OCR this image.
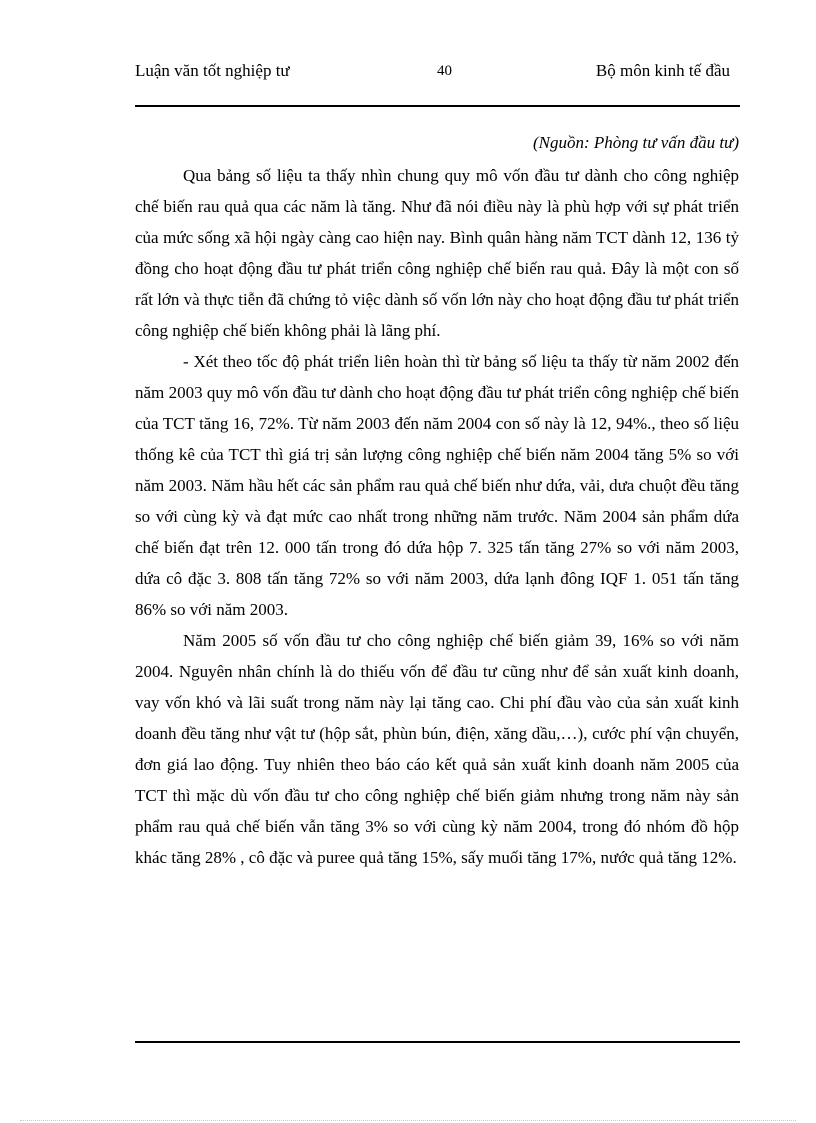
Luận văn tốt nghiệp tư	40	Bộ môn kinh tế đầu

(Nguồn: Phòng tư vấn đầu tư)

Qua bảng số liệu ta thấy nhìn chung quy mô vốn đầu tư dành cho công nghiệp chế biến rau quả qua các năm là tăng. Như đã nói điều này là phù hợp với sự phát triển của mức sống xã hội ngày càng cao hiện nay. Bình quân hàng năm TCT dành 12, 136 tỷ đồng cho hoạt động đầu tư phát triển công nghiệp chế biến rau quả. Đây là một con số rất lớn và thực tiễn đã chứng tỏ việc dành số vốn lớn này cho hoạt động đầu tư phát triển công nghiệp chế biến không phải là lãng phí.

- Xét theo tốc độ phát triển liên hoàn thì từ bảng số liệu ta thấy từ năm 2002 đến năm 2003 quy mô vốn đầu tư dành cho hoạt động đầu tư phát triển công nghiệp chế biến của TCT tăng 16, 72%. Từ năm 2003 đến năm 2004 con số này là 12, 94%., theo số liệu thống kê của TCT thì giá trị sản lượng công nghiệp chế biến năm 2004 tăng 5% so với năm 2003. Năm hầu hết các sản phẩm rau quả chế biến như dứa, vải, dưa chuột đều tăng so với cùng kỳ và đạt mức cao nhất trong những năm trước. Năm 2004 sản phẩm dứa chế biến đạt trên 12. 000 tấn trong đó dứa hộp 7. 325 tấn tăng 27% so với năm 2003, dứa cô đặc 3. 808 tấn tăng 72% so với năm 2003, dứa lạnh đông IQF 1. 051 tấn tăng 86% so với năm 2003.

Năm 2005 số vốn đầu tư cho công nghiệp chế biến giảm 39, 16% so với năm 2004. Nguyên nhân chính là do thiếu vốn để đầu tư cũng như để sản xuất kinh doanh, vay vốn khó và lãi suất trong năm này lại tăng cao. Chi phí đầu vào của sản xuất kinh doanh đều tăng như vật tư (hộp sắt, phùn bún, điện, xăng dầu,…), cước phí vận chuyển, đơn giá lao động. Tuy nhiên theo báo cáo kết quả sản xuất kinh doanh năm 2005 của TCT thì mặc dù vốn đầu tư cho công nghiệp chế biến giảm nhưng trong năm này sản phẩm rau quả chế biến vẫn tăng 3% so với cùng kỳ năm 2004, trong đó nhóm đồ hộp khác tăng 28% , cô đặc và puree quả tăng 15%, sấy muối tăng 17%, nước quả tăng 12%.
